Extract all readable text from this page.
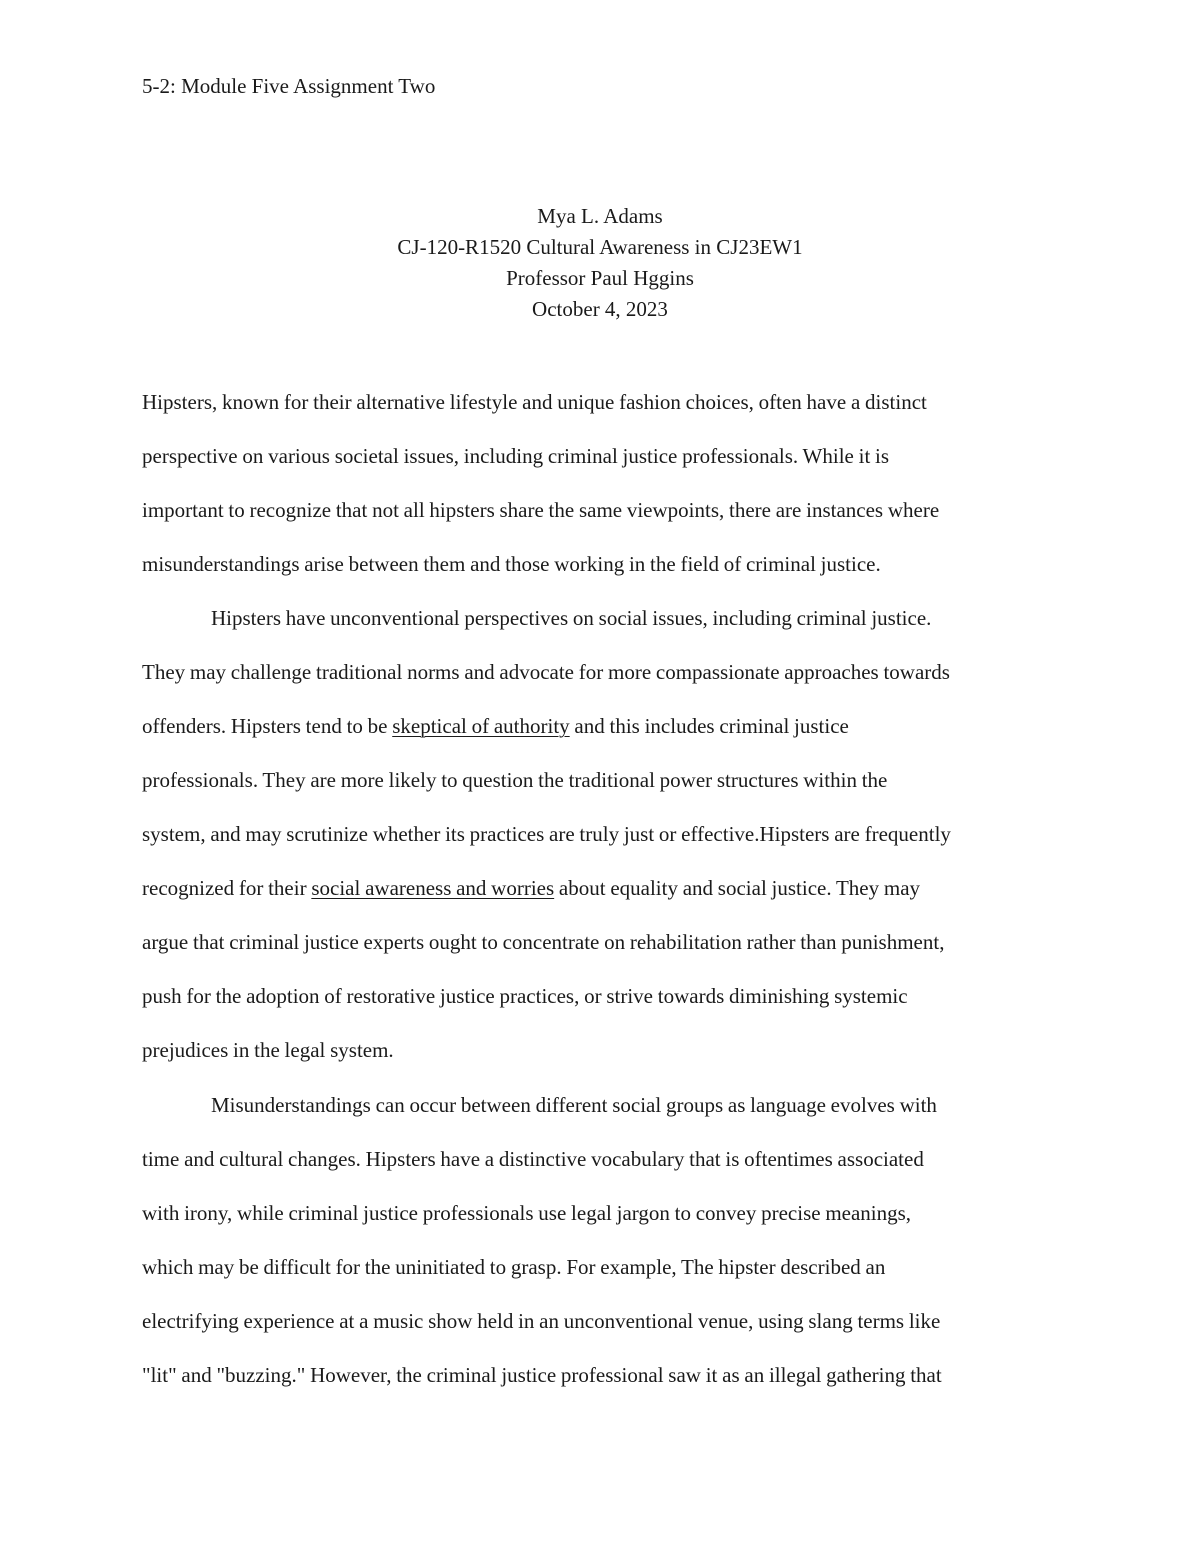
5-2: Module Five Assignment Two
Mya L. Adams
CJ-120-R1520 Cultural Awareness in CJ23EW1
Professor Paul Hggins
October 4, 2023
Hipsters, known for their alternative lifestyle and unique fashion choices, often have a distinct
perspective on various societal issues, including criminal justice professionals. While it is
important to recognize that not all hipsters share the same viewpoints, there are instances where
misunderstandings arise between them and those working in the field of criminal justice.
Hipsters have unconventional perspectives on social issues, including criminal justice.
They may challenge traditional norms and advocate for more compassionate approaches towards
offenders. Hipsters tend to be skeptical of authority and this includes criminal justice
professionals. They are more likely to question the traditional power structures within the
system, and may scrutinize whether its practices are truly just or effective.Hipsters are frequently
recognized for their social awareness and worries about equality and social justice. They may
argue that criminal justice experts ought to concentrate on rehabilitation rather than punishment,
push for the adoption of restorative justice practices, or strive towards diminishing systemic
prejudices in the legal system.
Misunderstandings can occur between different social groups as language evolves with
time and cultural changes. Hipsters have a distinctive vocabulary that is oftentimes associated
with irony, while criminal justice professionals use legal jargon to convey precise meanings,
which may be difficult for the uninitiated to grasp. For example, The hipster described an
electrifying experience at a music show held in an unconventional venue, using slang terms like
"lit" and "buzzing." However, the criminal justice professional saw it as an illegal gathering that
